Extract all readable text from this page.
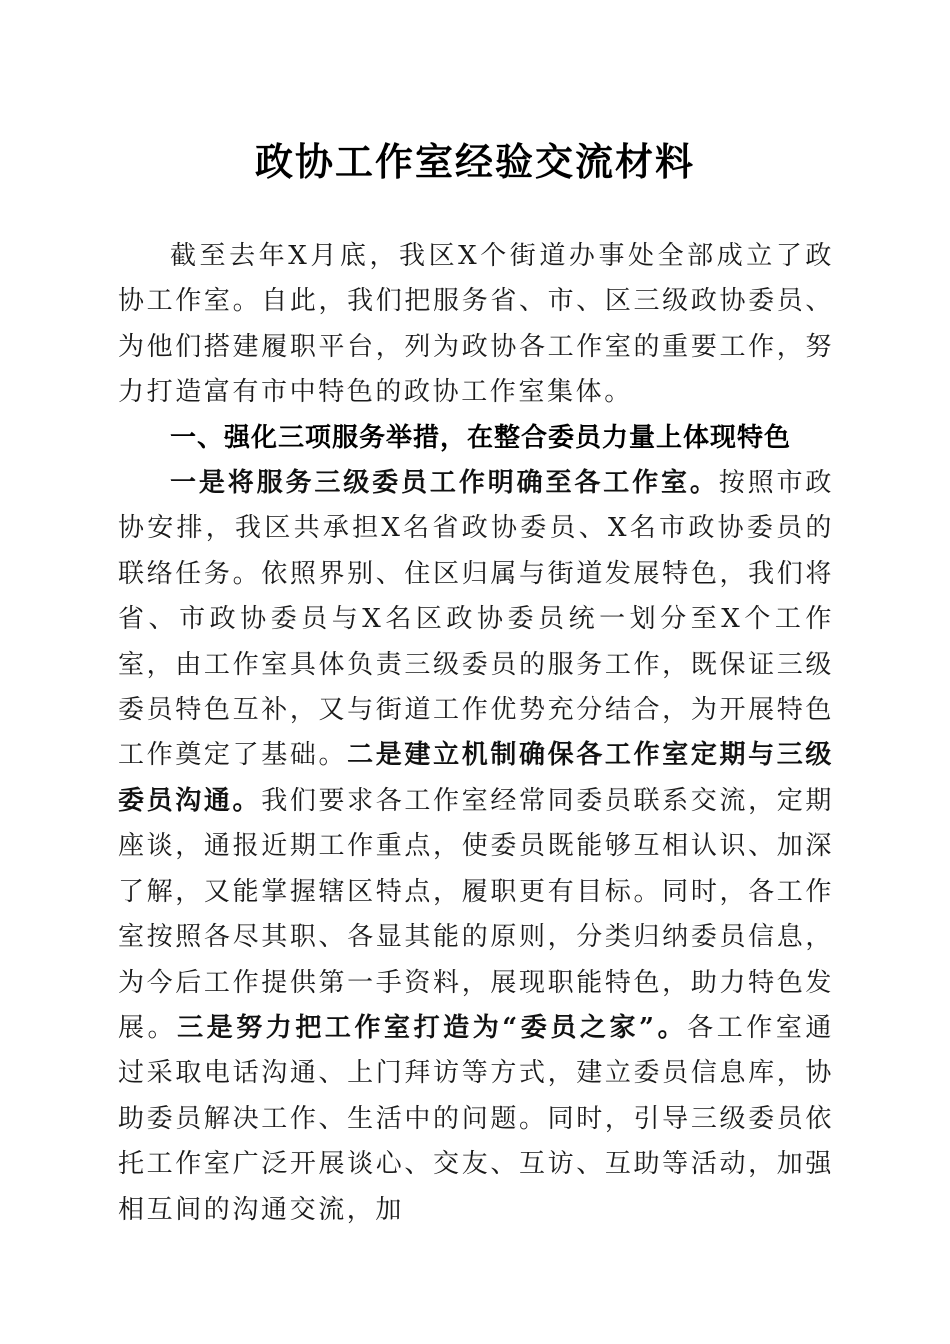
政协工作室经验交流材料

截至去年X月底，我区X个街道办事处全部成立了政协工作室。自此，我们把服务省、市、区三级政协委员、为他们搭建履职平台，列为政协各工作室的重要工作，努力打造富有市中特色的政协工作室集体。

一、强化三项服务举措，在整合委员力量上体现特色

一是将服务三级委员工作明确至各工作室。按照市政协安排，我区共承担X名省政协委员、X名市政协委员的联络任务。依照界别、住区归属与街道发展特色，我们将省、市政协委员与X名区政协委员统一划分至X个工作室，由工作室具体负责三级委员的服务工作，既保证三级委员特色互补，又与街道工作优势充分结合，为开展特色工作奠定了基础。二是建立机制确保各工作室定期与三级委员沟通。我们要求各工作室经常同委员联系交流，定期座谈，通报近期工作重点，使委员既能够互相认识、加深了解，又能掌握辖区特点，履职更有目标。同时，各工作室按照各尽其职、各显其能的原则，分类归纳委员信息，为今后工作提供第一手资料，展现职能特色，助力特色发展。三是努力把工作室打造为“委员之家”。各工作室通过采取电话沟通、上门拜访等方式，建立委员信息库，协助委员解决工作、生活中的问题。同时，引导三级委员依托工作室广泛开展谈心、交友、互访、互助等活动，加强相互间的沟通交流，加
